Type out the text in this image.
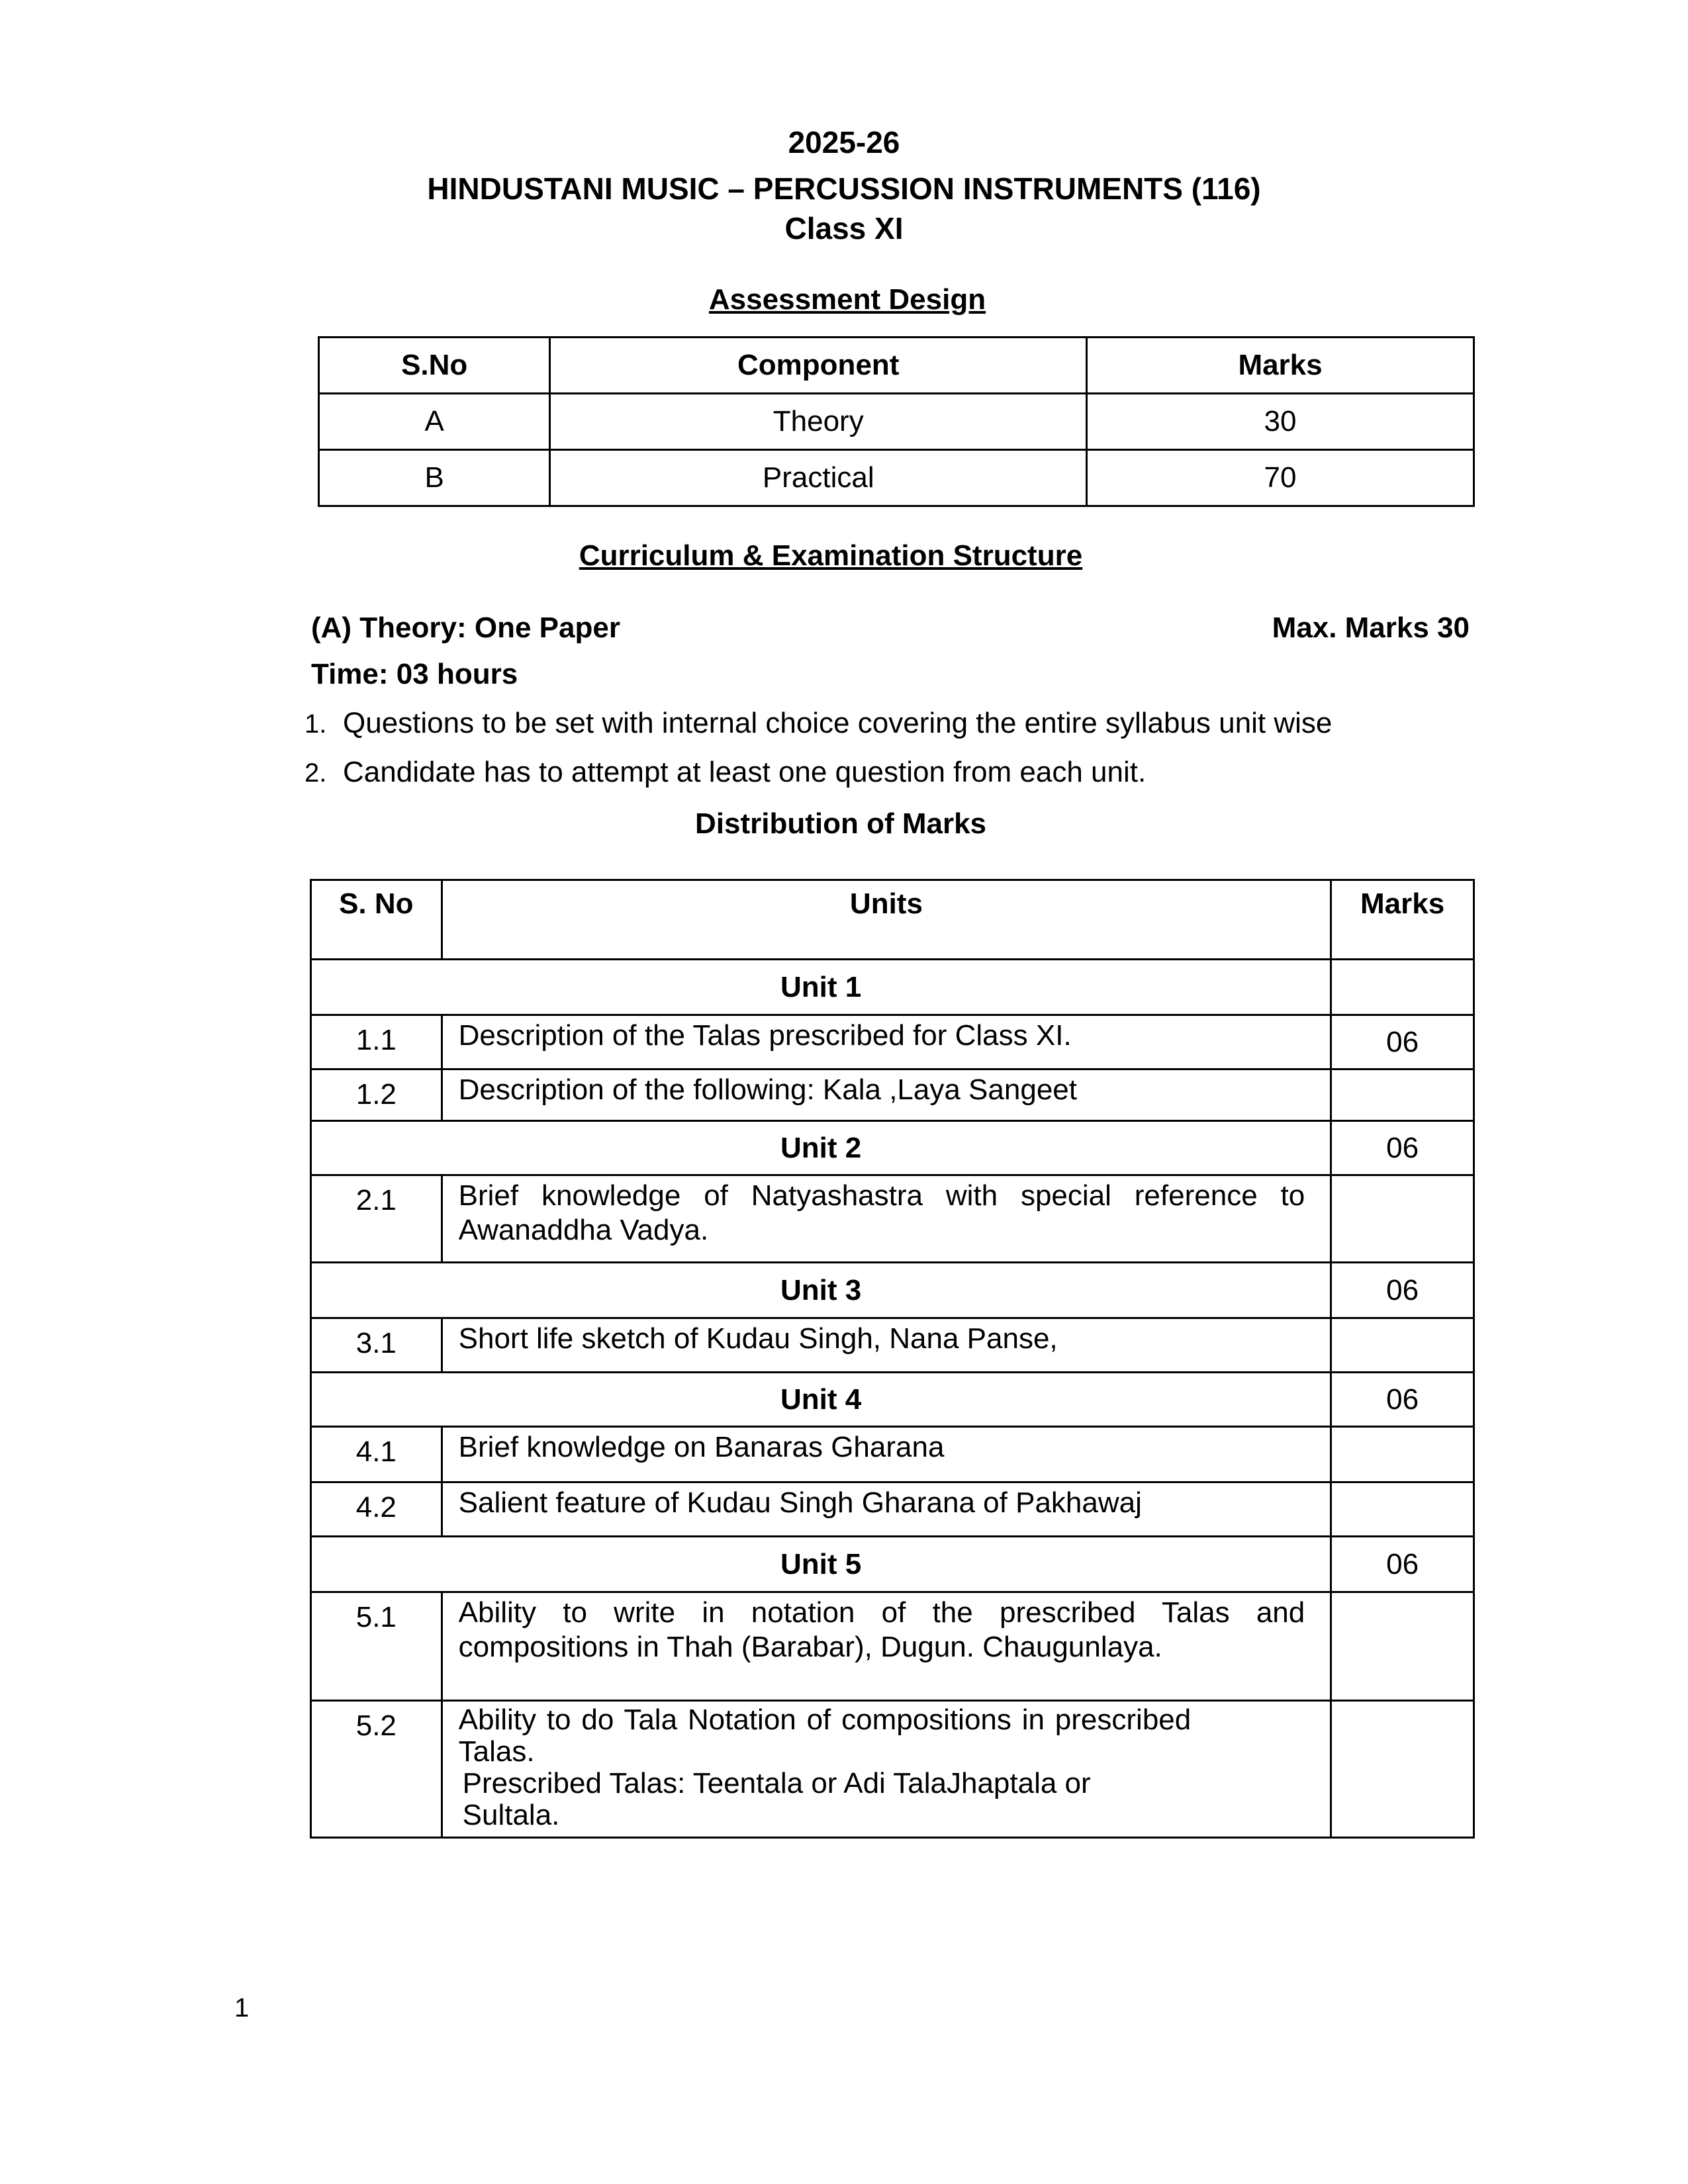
2025-26
HINDUSTANI MUSIC – PERCUSSION INSTRUMENTS (116)
Class XI
Assessment Design
S.No	Component	Marks
A	Theory	30
B	Practical	70
Curriculum & Examination Structure
(A) Theory: One Paper	Max. Marks 30
Time: 03 hours
1. Questions to be set with internal choice covering the entire syllabus unit wise
2. Candidate has to attempt at least one question from each unit.
Distribution of Marks
S. No	Units	Marks
Unit 1		
1.1	Description of the Talas prescribed for Class XI.	06
1.2	Description of the following: Kala ,Laya Sangeet	
Unit 2		06
2.1	Brief knowledge of Natyashastra with special reference to Awanaddha Vadya.	
Unit 3		06
3.1	Short life sketch of Kudau Singh, Nana Panse,	
Unit 4		06
4.1	Brief knowledge on Banaras Gharana	
4.2	Salient feature of Kudau Singh Gharana of Pakhawaj	
Unit 5		06
5.1	Ability to write in notation of the prescribed Talas and compositions in Thah (Barabar), Dugun. Chaugunlaya.	
5.2	Ability to do Tala Notation of compositions in prescribed Talas.
Prescribed Talas: Teentala or Adi TalaJhaptala or Sultala.	

1
